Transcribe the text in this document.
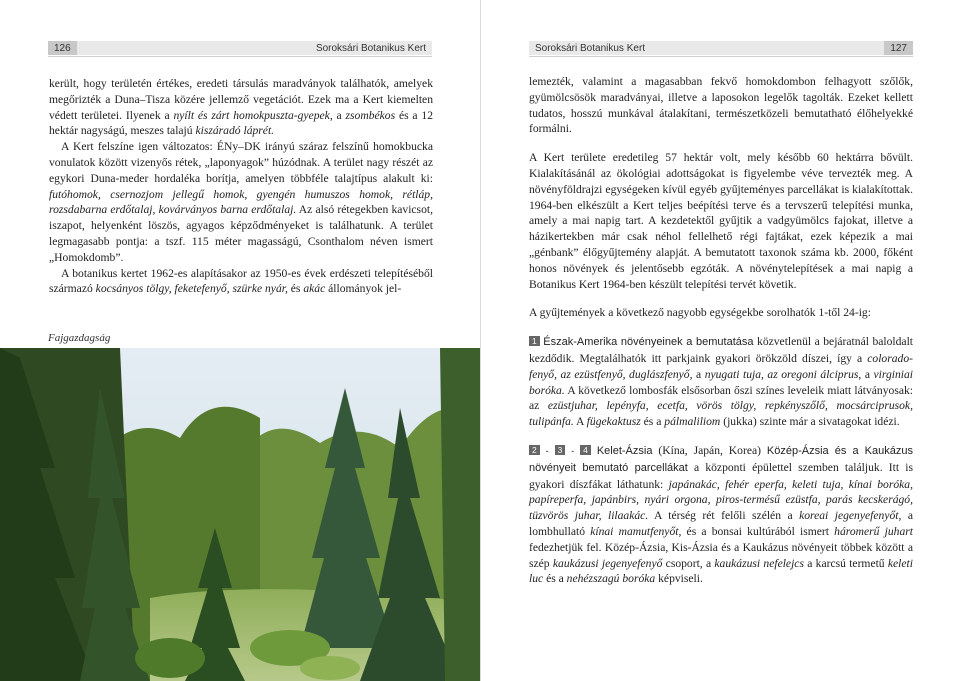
126	Soroksári Botanikus Kert

került, hogy területén értékes, eredeti társulás maradványok találhatók, amelyek megőrizték a Duna–Tisza közére jellemző vegetációt. Ezek ma a Kert kiemelten védett területei. Ilyenek a nyílt és zárt homokpuszta-gyepek, a zsombékos és a 12 hektár nagyságú, meszes talajú kiszáradó láprét.

A Kert felszíne igen változatos: ÉNy–DK irányú száraz felszínű homokbucka vonulatok között vizenyős rétek, „laponyagok” húzódnak. A terület nagy részét az egykori Duna-meder hordaléka borítja, amelyen többféle talajtípus alakult ki: futóhomok, csernozjom jellegű homok, gyengén humuszos homok, rétláp, rozsdabarna erdőtalaj, kovárványos barna erdőtalaj. Az alsó rétegekben kavicsot, iszapot, helyenként löszös, agyagos képződményeket is találhatunk. A terület legmagasabb pontja: a tszf. 115 méter magasságú, Csonthalom néven ismert „Homokdomb”.

A botanikus kertet 1962-es alapításakor az 1950-es évek erdészeti telepítéséből származó kocsányos tölgy, feketefenyő, szürke nyár, és akác állományok jel-

Fajgazdagság
Soroksári Botanikus Kert	127

lemezték, valamint a magasabban fekvő homokdombon felhagyott szőlők, gyümölcsösök maradványai, illetve a laposokon legelők tagolták. Ezeket kellett tudatos, hosszú munkával átalakítani, természetközeli bemutatható élőhelyekké formálni.

A Kert területe eredetileg 57 hektár volt, mely később 60 hektárra bővült. Kialakításánál az ökológiai adottságokat is figyelembe véve tervezték meg. A növényföldrajzi egységeken kívül egyéb gyűjteményes parcellákat is kialakítottak. 1964-ben elkészült a Kert teljes beépítési terve és a tervszerű telepítési munka, amely a mai napig tart. A kezdetektől gyűjtik a vadgyümölcs fajokat, illetve a házikertekben már csak néhol fellelhető régi fajtákat, ezek képezik a mai „génbank” élőgyűjtemény alapját. A bemutatott taxonok száma kb. 2000, főként honos növények és jelentősebb egzóták. A növénytelepítések a mai napig a Botanikus Kert 1964-ben készült telepítési tervét követik.

A gyűjtemények a következő nagyobb egységekbe sorolhatók 1-től 24-ig:

1 Észak-Amerika növényeinek a bemutatása közvetlenül a bejáratnál baloldalt kezdődik. Megtalálhatók itt parkjaink gyakori örökzöld díszei, így a colorado-fenyő, az ezüstfenyő, duglászfenyő, a nyugati tuja, az oregoni álciprus, a virginiai boróka. A következő lombosfák elsősorban őszi színes leveleik miatt látványosak: az ezüstjuhar, lepényfa, ecetfa, vörös tölgy, repkényszőlő, mocsárciprusok, tulipánfa. A fügekaktusz és a pálmaliliom (jukka) szinte már a sivatagokat idézi.

2 - 3 - 4 Kelet-Ázsia (Kína, Japán, Korea) Közép-Ázsia és a Kaukázus növényeit bemutató parcellákat a központi épülettel szemben találjuk. Itt is gyakori díszfákat láthatunk: japánakác, fehér eperfa, keleti tuja, kínai boróka, papíreperfa, japánbirs, nyári orgona, piros-termésű ezüstfa, parás kecskerágó, tüzvörös juhar, lilaakác. A térség rét felőli szélén a koreai jegenyefenyőt, a lombhullató kínai mamutfenyőt, és a bonsai kultúrából ismert háromerű juhart fedezhetjük fel. Közép-Ázsia, Kis-Ázsia és a Kaukázus növényeit többek között a szép kaukázusi jegenyefenyő csoport, a kaukázusi nefelejcs a karcsú termetű keleti luc és a nehézszagú boróka képviseli.
